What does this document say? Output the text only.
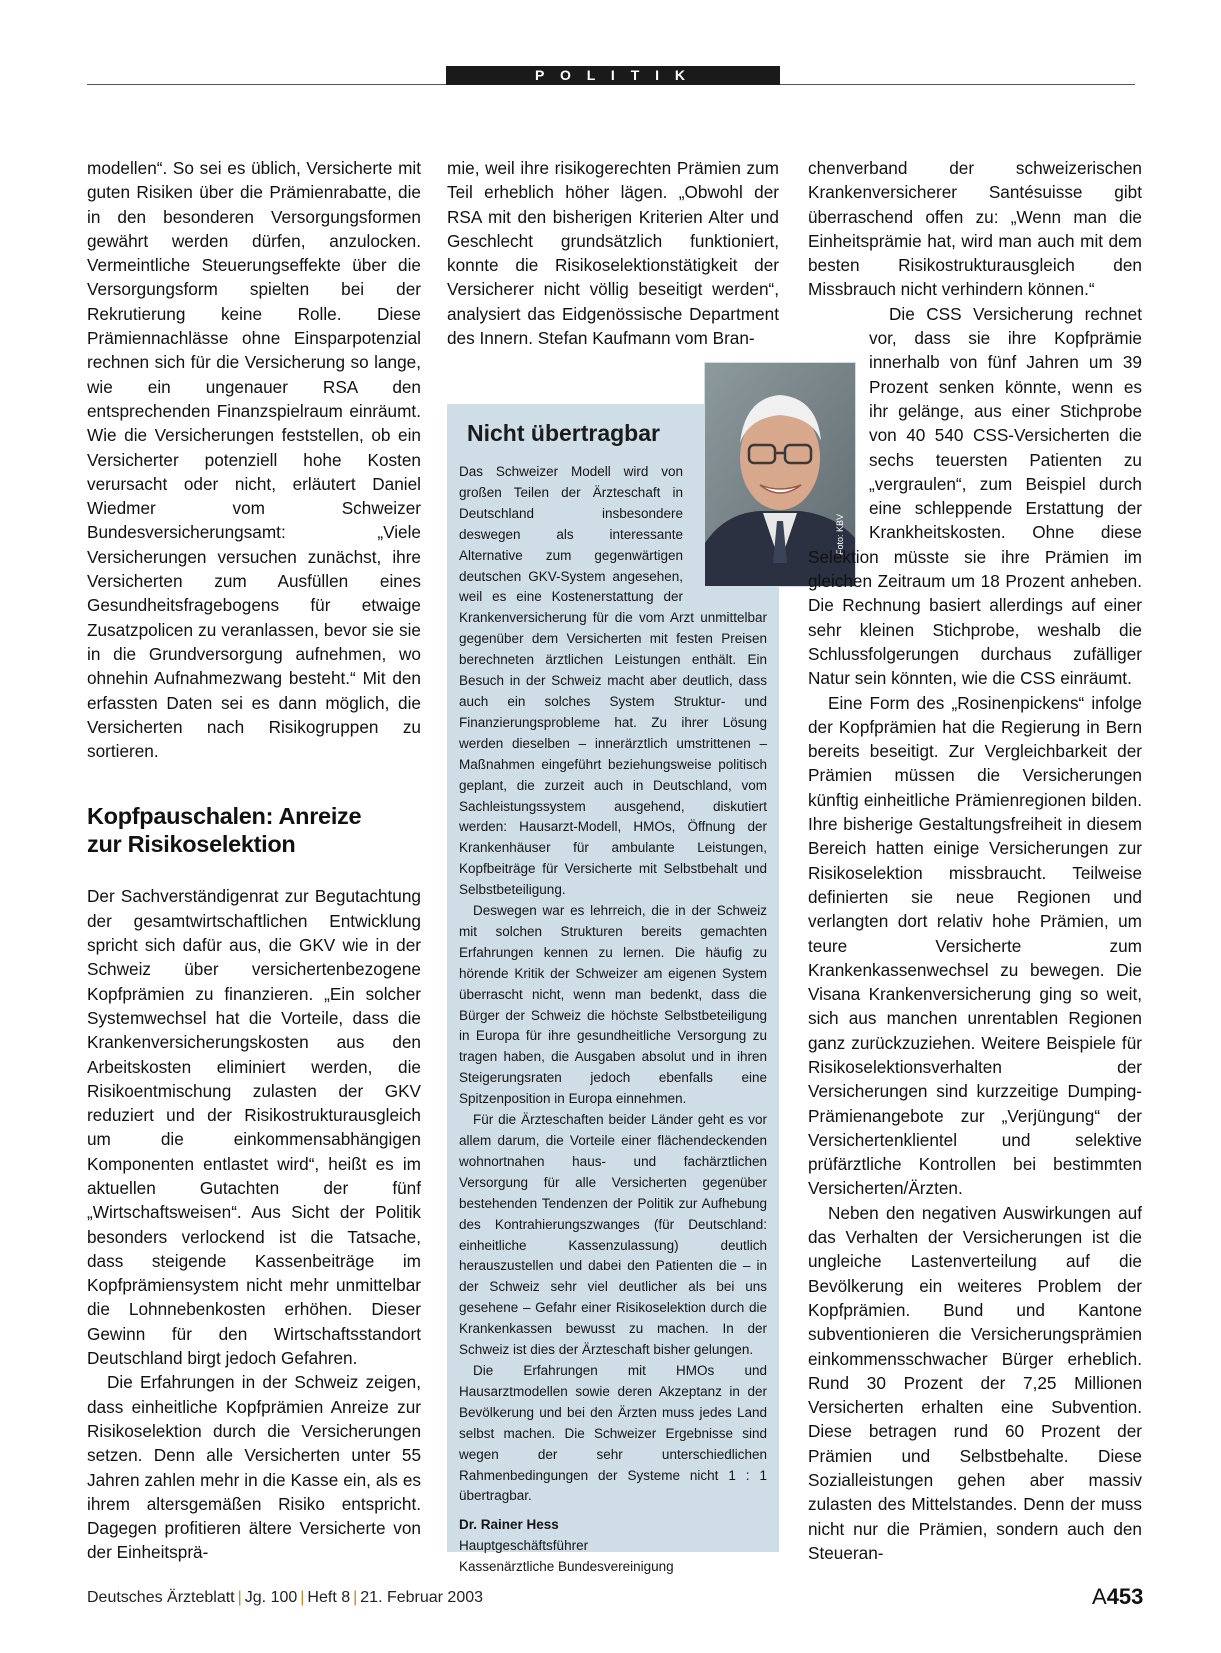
P O L I T I K

modellen“. So sei es üblich, Versicherte mit guten Risiken über die Prämienrabatte, die in den besonderen Versorgungsformen gewährt werden dürfen, anzulocken. Vermeintliche Steuerungseffekte über die Versorgungsform spielten bei der Rekrutierung keine Rolle. Diese Prämiennachlässe ohne Einsparpotenzial rechnen sich für die Versicherung so lange, wie ein ungenauer RSA den entsprechenden Finanzspielraum einräumt. Wie die Versicherungen feststellen, ob ein Versicherter potenziell hohe Kosten verursacht oder nicht, erläutert Daniel Wiedmer vom Schweizer Bundesversicherungsamt: „Viele Versicherungen versuchen zunächst, ihre Versicherten zum Ausfüllen eines Gesundheitsfragebogens für etwaige Zusatzpolicen zu veranlassen, bevor sie sie in die Grundversorgung aufnehmen, wo ohnehin Aufnahmezwang besteht.“ Mit den erfassten Daten sei es dann möglich, die Versicherten nach Risikogruppen zu sortieren.

Kopfpauschalen: Anreize
zur Risikoselektion

Der Sachverständigenrat zur Begutachtung der gesamtwirtschaftlichen Entwicklung spricht sich dafür aus, die GKV wie in der Schweiz über versichertenbezogene Kopfprämien zu finanzieren. „Ein solcher Systemwechsel hat die Vorteile, dass die Krankenversicherungskosten aus den Arbeitskosten eliminiert werden, die Risikoentmischung zulasten der GKV reduziert und der Risikostrukturausgleich um die einkommensabhängigen Komponenten entlastet wird“, heißt es im aktuellen Gutachten der fünf „Wirtschaftsweisen“. Aus Sicht der Politik besonders verlockend ist die Tatsache, dass steigende Kassenbeiträge im Kopfprämiensystem nicht mehr unmittelbar die Lohnnebenkosten erhöhen. Dieser Gewinn für den Wirtschaftsstandort Deutschland birgt jedoch Gefahren.

Die Erfahrungen in der Schweiz zeigen, dass einheitliche Kopfprämien Anreize zur Risikoselektion durch die Versicherungen setzen. Denn alle Versicherten unter 55 Jahren zahlen mehr in die Kasse ein, als es ihrem altersgemäßen Risiko entspricht. Dagegen profitieren ältere Versicherte von der Einheitsprä-

mie, weil ihre risikogerechten Prämien zum Teil erheblich höher lägen. „Obwohl der RSA mit den bisherigen Kriterien Alter und Geschlecht grundsätzlich funktioniert, konnte die Risikoselektionstätigkeit der Versicherer nicht völlig beseitigt werden“, analysiert das Eidgenössische Department des Innern. Stefan Kaufmann vom Bran-

Nicht übertragbar

Das Schweizer Modell wird von großen Teilen der Ärzteschaft in Deutschland insbesondere deswegen als interessante Alternative zum gegenwärtigen deutschen GKV-System angesehen, weil es eine Kostenerstattung der Krankenversicherung für die vom Arzt unmittelbar gegenüber dem Versicherten mit festen Preisen berechneten ärztlichen Leistungen enthält. Ein Besuch in der Schweiz macht aber deutlich, dass auch ein solches System Struktur- und Finanzierungsprobleme hat. Zu ihrer Lösung werden dieselben – innerärztlich umstrittenen – Maßnahmen eingeführt beziehungsweise politisch geplant, die zurzeit auch in Deutschland, vom Sachleistungssystem ausgehend, diskutiert werden: Hausarzt-Modell, HMOs, Öffnung der Krankenhäuser für ambulante Leistungen, Kopfbeiträge für Versicherte mit Selbstbehalt und Selbstbeteiligung.

Deswegen war es lehrreich, die in der Schweiz mit solchen Strukturen bereits gemachten Erfahrungen kennen zu lernen. Die häufig zu hörende Kritik der Schweizer am eigenen System überrascht nicht, wenn man bedenkt, dass die Bürger der Schweiz die höchste Selbstbeteiligung in Europa für ihre gesundheitliche Versorgung zu tragen haben, die Ausgaben absolut und in ihren Steigerungsraten jedoch ebenfalls eine Spitzenposition in Europa einnehmen.

Für die Ärzteschaften beider Länder geht es vor allem darum, die Vorteile einer flächendeckenden wohnortnahen haus- und fachärztlichen Versorgung für alle Versicherten gegenüber bestehenden Tendenzen der Politik zur Aufhebung des Kontrahierungszwanges (für Deutschland: einheitliche Kassenzulassung) deutlich herauszustellen und dabei den Patienten die – in der Schweiz sehr viel deutlicher als bei uns gesehene – Gefahr einer Risikoselektion durch die Krankenkassen bewusst zu machen. In der Schweiz ist dies der Ärzteschaft bisher gelungen.

Die Erfahrungen mit HMOs und Hausarztmodellen sowie deren Akzeptanz in der Bevölkerung und bei den Ärzten muss jedes Land selbst machen. Die Schweizer Ergebnisse sind wegen der sehr unterschiedlichen Rahmenbedingungen der Systeme nicht 1 : 1 übertragbar.

Dr. Rainer Hess

Hauptgeschäftsführer

Kassenärztliche Bundesvereinigung

Foto: KBV

chenverband der schweizerischen Krankenversicherer Santésuisse gibt überraschend offen zu: „Wenn man die Einheitsprämie hat, wird man auch mit dem besten Risikostrukturausgleich den Missbrauch nicht verhindern können.“

Die CSS Versicherung rechnet vor, dass sie ihre Kopfprämie innerhalb von fünf Jahren um 39 Prozent senken könnte, wenn es ihr gelänge, aus einer Stichprobe von 40 540 CSS-Versicherten die sechs teuersten Patienten zu „vergraulen“, zum Beispiel durch eine schleppende Erstattung der Krankheitskosten. Ohne diese Selektion müsste sie ihre Prämien im gleichen Zeitraum um 18 Prozent anheben. Die Rechnung basiert allerdings auf einer sehr kleinen Stichprobe, weshalb die Schlussfolgerungen durchaus zufälliger Natur sein könnten, wie die CSS einräumt.

Eine Form des „Rosinenpickens“ infolge der Kopfprämien hat die Regierung in Bern bereits beseitigt. Zur Vergleichbarkeit der Prämien müssen die Versicherungen künftig einheitliche Prämienregionen bilden. Ihre bisherige Gestaltungsfreiheit in diesem Bereich hatten einige Versicherungen zur Risikoselektion missbraucht. Teilweise definierten sie neue Regionen und verlangten dort relativ hohe Prämien, um teure Versicherte zum Krankenkassenwechsel zu bewegen. Die Visana Krankenversicherung ging so weit, sich aus manchen unrentablen Regionen ganz zurückzuziehen. Weitere Beispiele für Risikoselektionsverhalten der Versicherungen sind kurzzeitige Dumping-Prämienangebote zur „Verjüngung“ der Versichertenklientel und selektive prüfärztliche Kontrollen bei bestimmten Versicherten/Ärzten.

Neben den negativen Auswirkungen auf das Verhalten der Versicherungen ist die ungleiche Lastenverteilung auf die Bevölkerung ein weiteres Problem der Kopfprämien. Bund und Kantone subventionieren die Versicherungsprämien einkommensschwacher Bürger erheblich. Rund 30 Prozent der 7,25 Millionen Versicherten erhalten eine Subvention. Diese betragen rund 60 Prozent der Prämien und Selbstbehalte. Diese Sozialleistungen gehen aber massiv zulasten des Mittelstandes. Denn der muss nicht nur die Prämien, sondern auch den Steueran-

Deutsches Ärzteblatt | Jg. 100 | Heft 8 | 21. Februar 2003	A453
